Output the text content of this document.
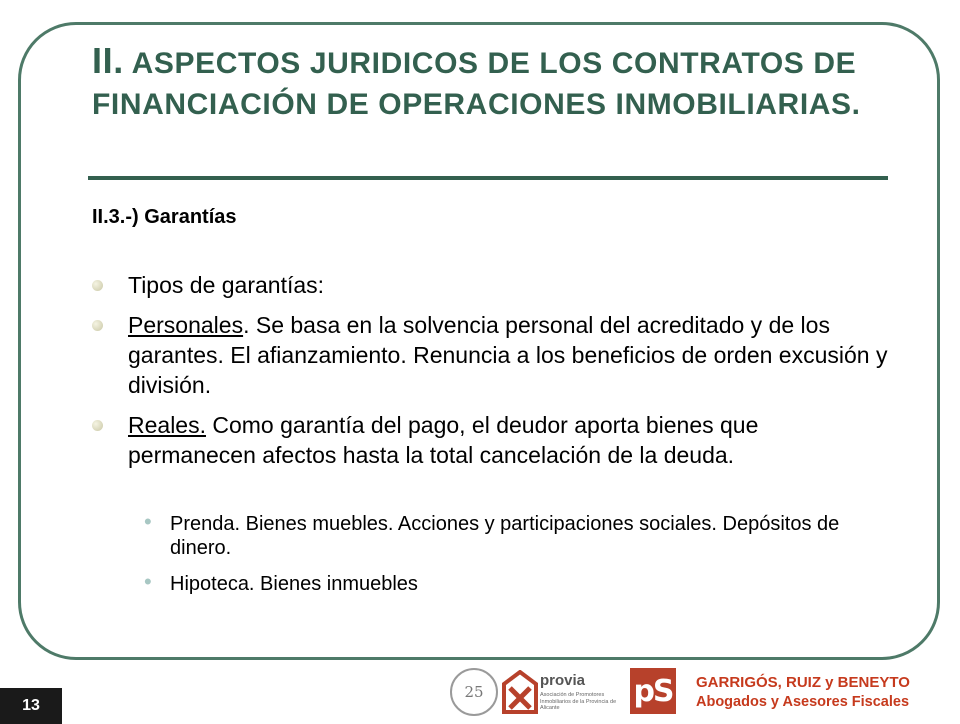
II. ASPECTOS JURIDICOS DE LOS CONTRATOS DE FINANCIACIÓN DE OPERACIONES INMOBILIARIAS.
II.3.-) Garantías
Tipos de garantías:
Personales. Se basa en la solvencia personal del acreditado y de los garantes. El afianzamiento. Renuncia a los beneficios de orden excusión y división.
Reales. Como garantía del pago, el deudor aporta bienes que permanecen afectos hasta la total cancelación de la deuda.
• Prenda. Bienes muebles. Acciones y participaciones sociales. Depósitos de dinero.
• Hipoteca. Bienes inmuebles
13
25
provia
Asociación de Promotores Inmobiliarios de la Provincia de Alicante	pS GARRIGÓS, RUIZ y BENEYTO
Abogados y Asesores Fiscales
